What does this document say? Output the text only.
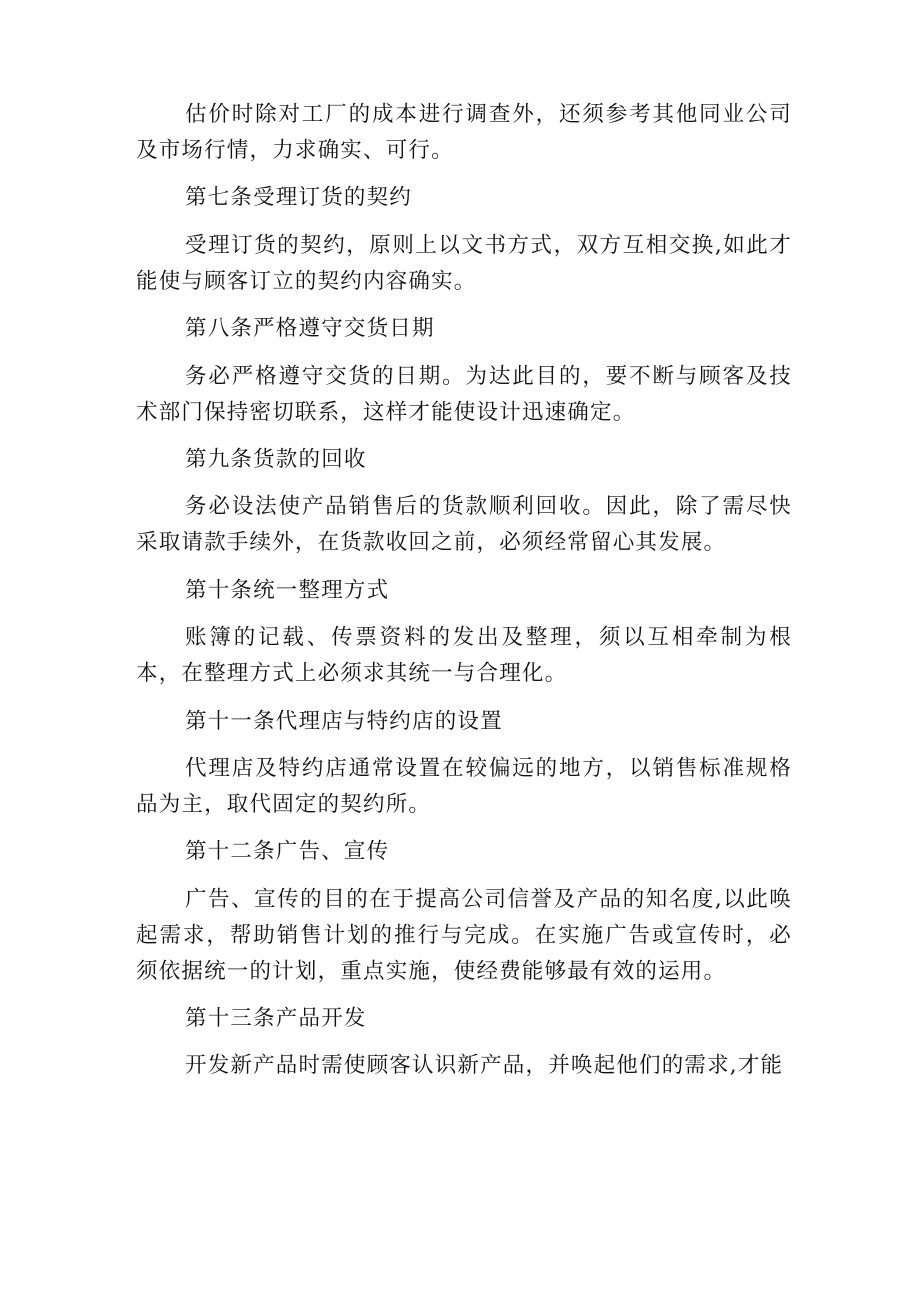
估价时除对工厂的成本进行调查外，还须参考其他同业公司及市场行情，力求确实、可行。

第七条受理订货的契约

受理订货的契约，原则上以文书方式，双方互相交换,如此才能使与顾客订立的契约内容确实。

第八条严格遵守交货日期

务必严格遵守交货的日期。为达此目的，要不断与顾客及技术部门保持密切联系，这样才能使设计迅速确定。

第九条货款的回收

务必设法使产品销售后的货款顺利回收。因此，除了需尽快采取请款手续外，在货款收回之前，必须经常留心其发展。

第十条统一整理方式

账簿的记载、传票资料的发出及整理，须以互相牵制为根本，在整理方式上必须求其统一与合理化。

第十一条代理店与特约店的设置

代理店及特约店通常设置在较偏远的地方，以销售标准规格品为主，取代固定的契约所。

第十二条广告、宣传

广告、宣传的目的在于提高公司信誉及产品的知名度,以此唤起需求，帮助销售计划的推行与完成。在实施广告或宣传时，必须依据统一的计划，重点实施，使经费能够最有效的运用。

第十三条产品开发

开发新产品时需使顾客认识新产品，并唤起他们的需求,才能
